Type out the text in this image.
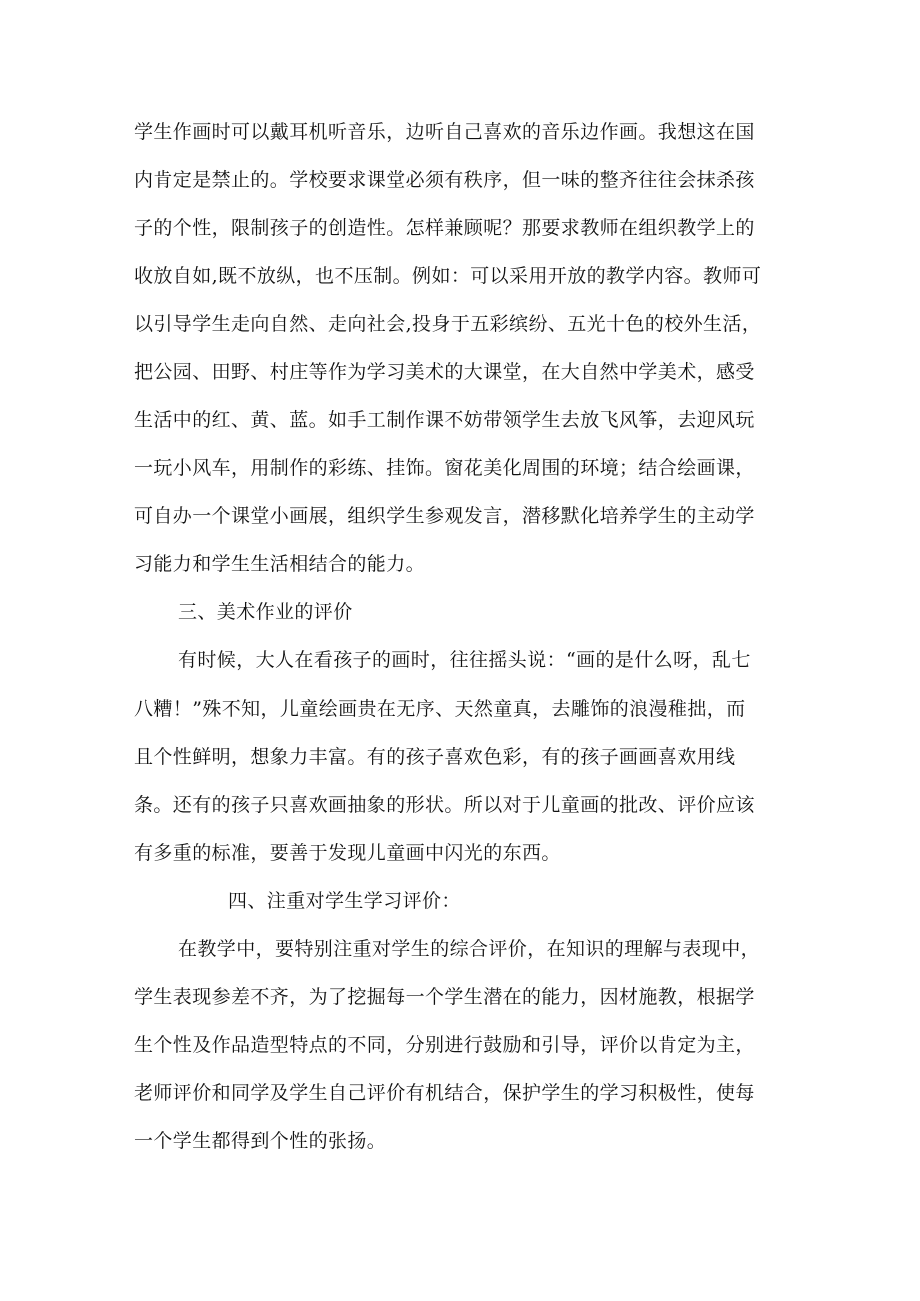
学生作画时可以戴耳机听音乐，边听自己喜欢的音乐边作画。我想这在国
内肯定是禁止的。学校要求课堂必须有秩序，但一味的整齐往往会抹杀孩
子的个性，限制孩子的创造性。怎样兼顾呢？那要求教师在组织教学上的
收放自如,既不放纵，也不压制。例如：可以采用开放的教学内容。教师可
以引导学生走向自然、走向社会,投身于五彩缤纷、五光十色的校外生活，
把公园、田野、村庄等作为学习美术的大课堂，在大自然中学美术，感受
生活中的红、黄、蓝。如手工制作课不妨带领学生去放飞风筝，去迎风玩
一玩小风车，用制作的彩练、挂饰。窗花美化周围的环境；结合绘画课，
可自办一个课堂小画展，组织学生参观发言，潜移默化培养学生的主动学
习能力和学生生活相结合的能力。
三、美术作业的评价
有时候，大人在看孩子的画时，往往摇头说：“画的是什么呀，乱七
八糟！”殊不知，儿童绘画贵在无序、天然童真，去雕饰的浪漫稚拙，而
且个性鲜明，想象力丰富。有的孩子喜欢色彩，有的孩子画画喜欢用线
条。还有的孩子只喜欢画抽象的形状。所以对于儿童画的批改、评价应该
有多重的标准，要善于发现儿童画中闪光的东西。
四、注重对学生学习评价：
在教学中，要特别注重对学生的综合评价，在知识的理解与表现中，
学生表现参差不齐，为了挖掘每一个学生潜在的能力，因材施教，根据学
生个性及作品造型特点的不同，分别进行鼓励和引导，评价以肯定为主，
老师评价和同学及学生自己评价有机结合，保护学生的学习积极性，使每
一个学生都得到个性的张扬。
